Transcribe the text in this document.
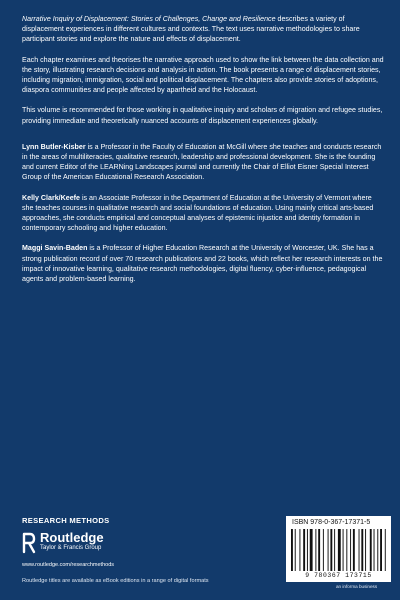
Narrative Inquiry of Displacement: Stories of Challenges, Change and Resilience describes a variety of displacement experiences in different cultures and contexts. The text uses narrative methodologies to share participant stories and explore the nature and effects of displacement.

Each chapter examines and theorises the narrative approach used to show the link between the data collection and the story, illustrating research decisions and analysis in action. The book presents a range of displacement stories, including migration, immigration, social and political displacement. The chapters also provide stories of adoptions, diaspora communities and people affected by apartheid and the Holocaust.

This volume is recommended for those working in qualitative inquiry and scholars of migration and refugee studies, providing immediate and theoretically nuanced accounts of displacement experiences globally.

Lynn Butler-Kisber is a Professor in the Faculty of Education at McGill where she teaches and conducts research in the areas of multiliteracies, qualitative research, leadership and professional development. She is the founding and current Editor of the LEARNing Landscapes journal and currently the Chair of Elliot Eisner Special Interest Group of the American Educational Research Association.

Kelly Clark/Keefe is an Associate Professor in the Department of Education at the University of Vermont where she teaches courses in qualitative research and social foundations of education. Using mainly critical arts-based approaches, she conducts empirical and conceptual analyses of epistemic injustice and identity formation in contemporary schooling and higher education.

Maggi Savin-Baden is a Professor of Higher Education Research at the University of Worcester, UK. She has a strong publication record of over 70 research publications and 22 books, which reflect her research interests on the impact of innovative learning, qualitative research methodologies, digital fluency, cyber-influence, pedagogical agents and problem-based learning.

RESEARCH METHODS
Routledge
Taylor & Francis Group
www.routledge.com/researchmethods
Routledge titles are available as eBook editions in a range of digital formats
ISBN 978-0-367-17371-5
9 780367 173715
an informa business
